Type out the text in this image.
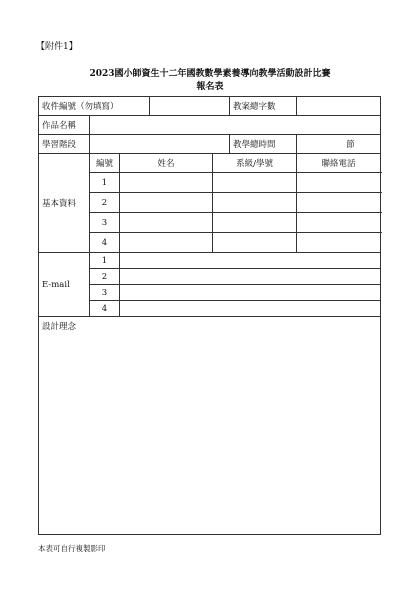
【附件1】
2023國小師資生十二年國教數學素養導向教學活動設計比賽
報名表
收件編號（勿填寫）					教案總字數	
作品名稱						
學習階段					教學總時間	節
基本資料	編號	姓名		系級/學號		聯絡電話
	1					
	2					
	3					
	4					
E-mail	1					
	2					
	3					
	4					
設計理念						
本表可自行複製影印
